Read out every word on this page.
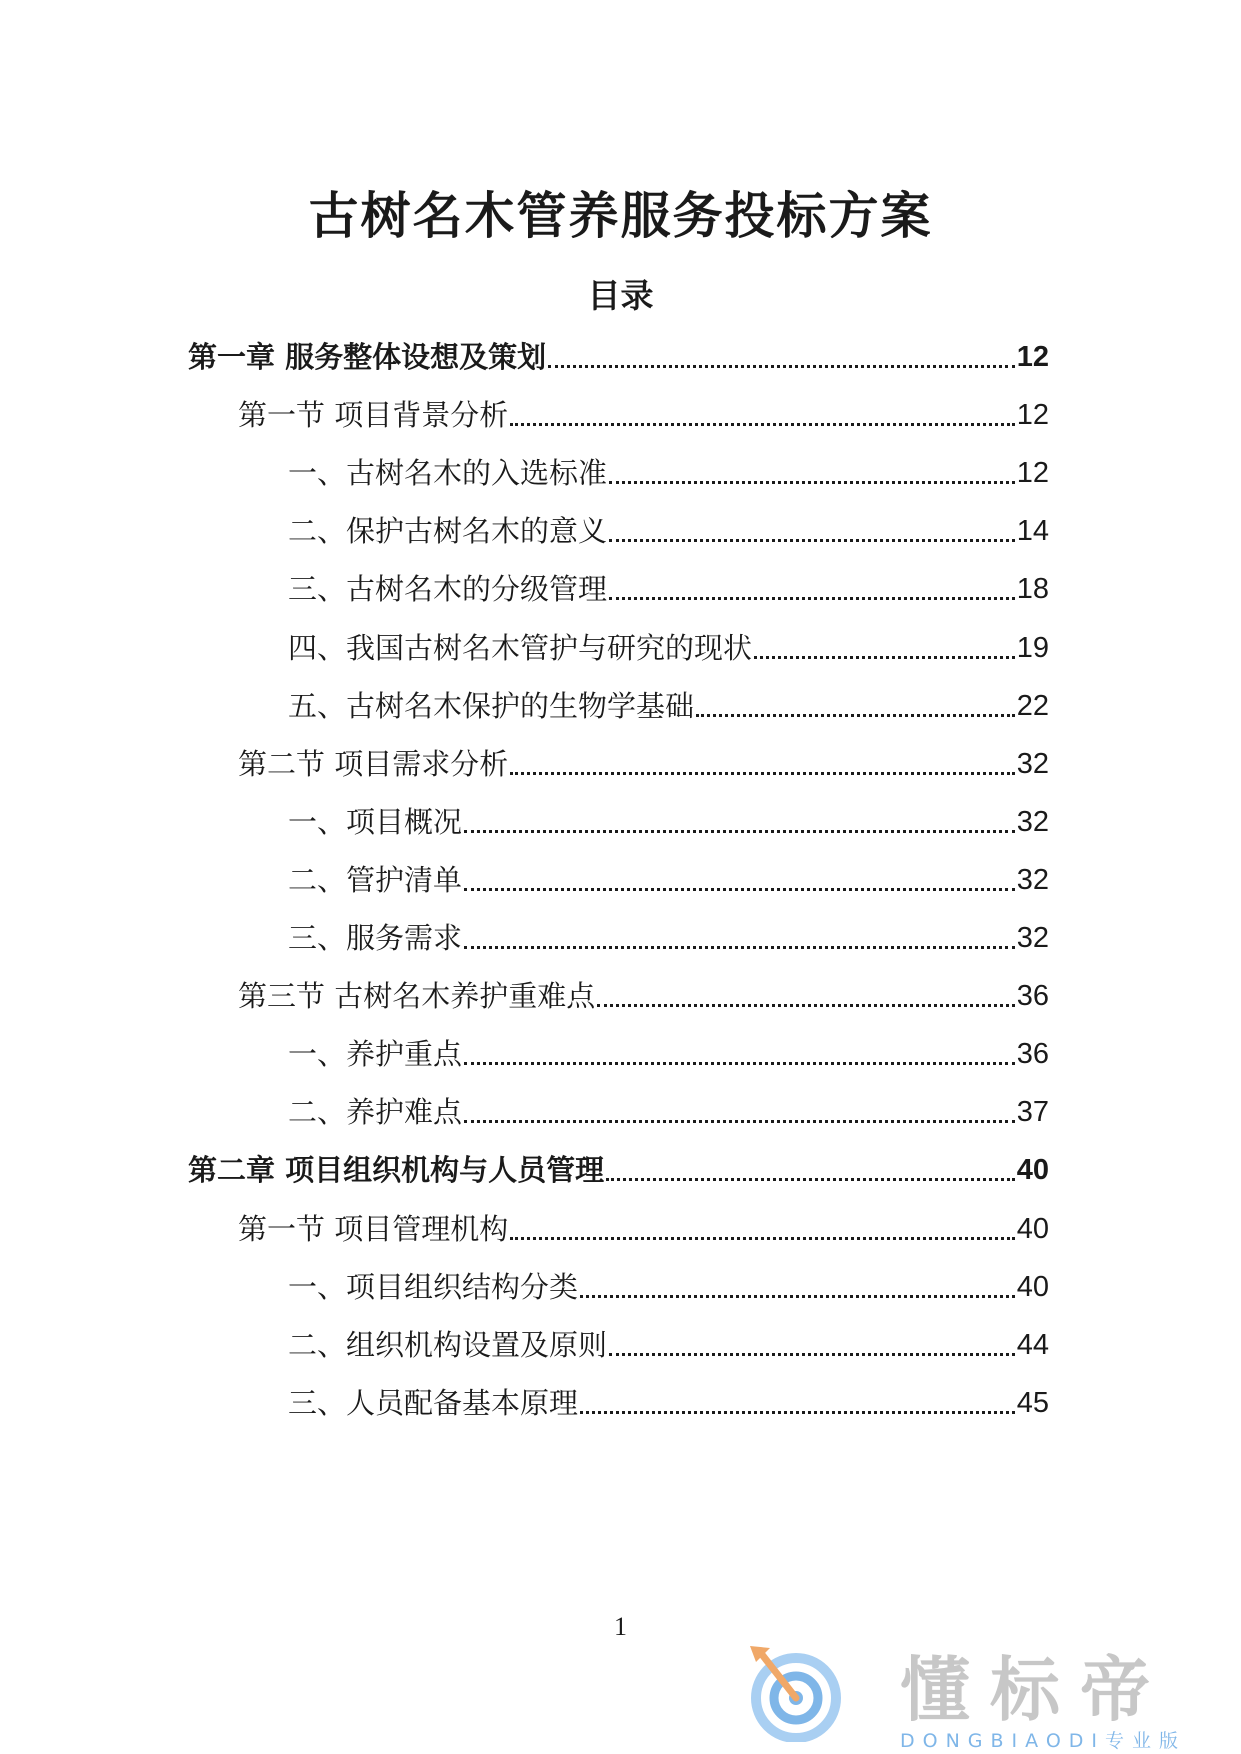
古树名木管养服务投标方案
目录
第一章 服务整体设想及策划	12
第一节 项目背景分析	12
一、古树名木的入选标准	12
二、保护古树名木的意义	14
三、古树名木的分级管理	18
四、我国古树名木管护与研究的现状	19
五、古树名木保护的生物学基础	22
第二节 项目需求分析	32
一、项目概况	32
二、管护清单	32
三、服务需求	32
第三节 古树名木养护重难点	36
一、养护重点	36
二、养护难点	37
第二章 项目组织机构与人员管理	40
第一节 项目管理机构	40
一、项目组织结构分类	40
二、组织机构设置及原则	44
三、人员配备基本原理	45
1
懂标帝
DONGBIAODI专业版
